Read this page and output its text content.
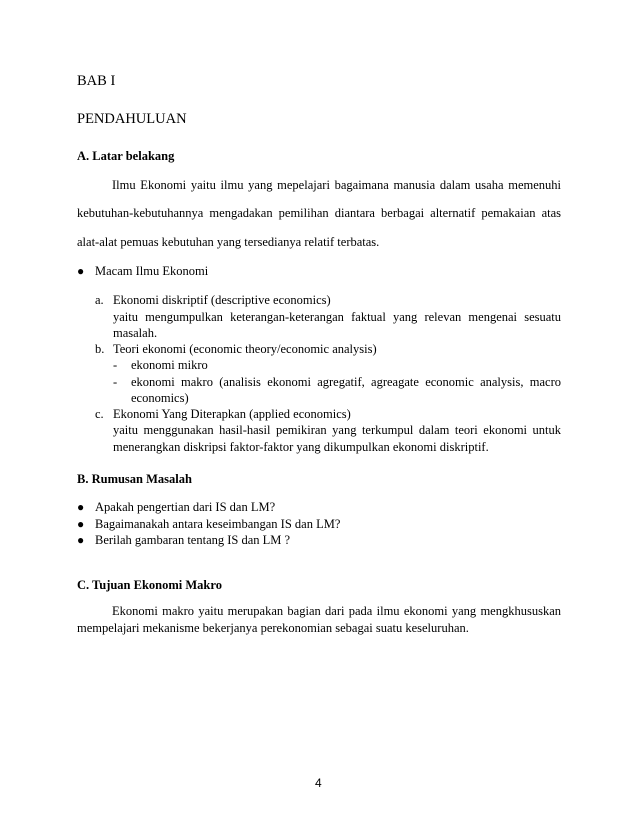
BAB I
PENDAHULUAN
A. Latar belakang
Ilmu Ekonomi yaitu ilmu yang mepelajari bagaimana manusia dalam usaha memenuhi
kebutuhan-kebutuhannya mengadakan pemilihan diantara berbagai alternatif pemakaian atas
alat-alat pemuas kebutuhan yang tersedianya relatif terbatas.
● Macam Ilmu Ekonomi
a. Ekonomi diskriptif (descriptive economics)
yaitu mengumpulkan keterangan-keterangan faktual yang relevan mengenai sesuatu
masalah.
b. Teori ekonomi (economic theory/economic analysis)
- ekonomi mikro
- ekonomi makro (analisis ekonomi agregatif, agreagate economic analysis, macro
economics)
c. Ekonomi Yang Diterapkan (applied economics)
yaitu menggunakan hasil-hasil pemikiran yang terkumpul dalam teori ekonomi untuk
menerangkan diskripsi faktor-faktor yang dikumpulkan ekonomi diskriptif.
B. Rumusan Masalah
● Apakah pengertian dari IS dan LM?
● Bagaimanakah antara keseimbangan IS dan LM?
● Berilah gambaran tentang IS dan LM ?
C. Tujuan Ekonomi Makro
Ekonomi makro yaitu merupakan bagian dari pada ilmu ekonomi yang mengkhususkan
mempelajari mekanisme bekerjanya perekonomian sebagai suatu keseluruhan.
4
